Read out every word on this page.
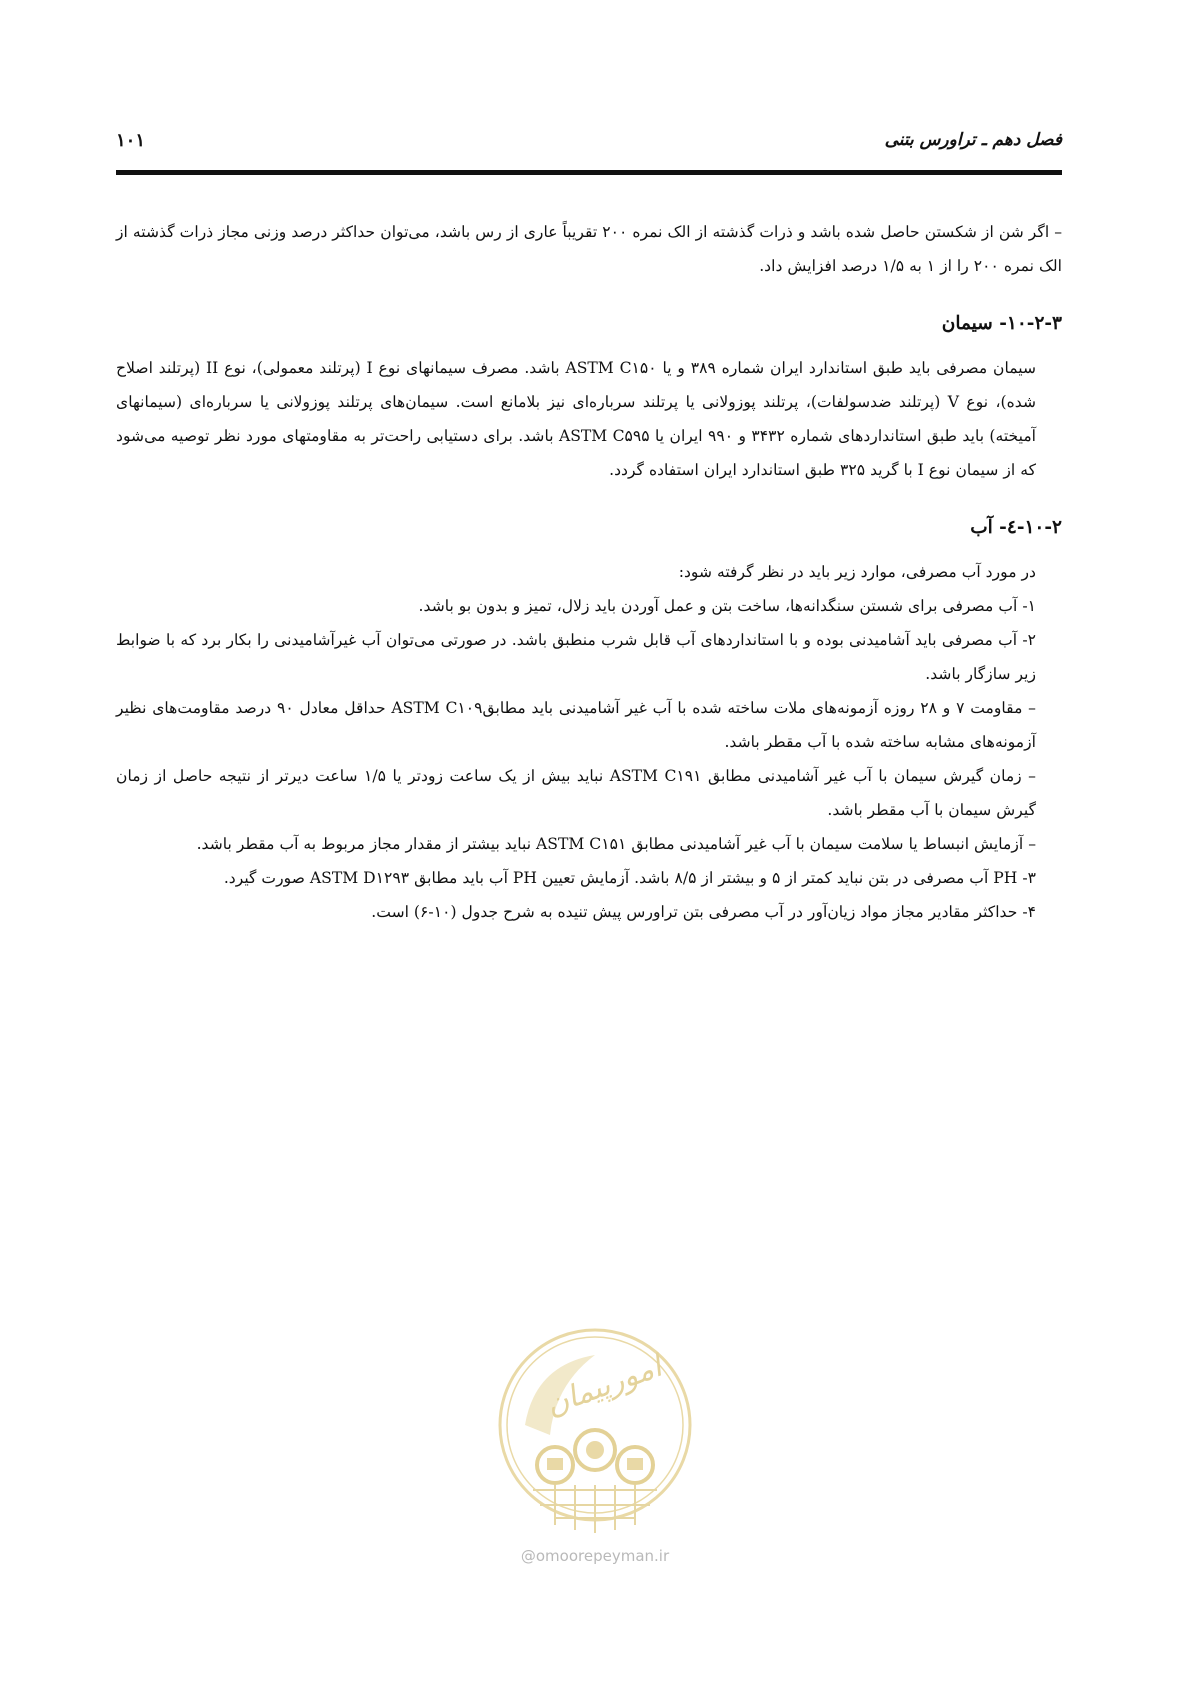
فصل دهم ـ تراورس بتنی
۱۰۱

– اگر شن از شکستن حاصل شده باشد و ذرات گذشته از الک نمره ۲۰۰ تقریباً عاری از رس باشد، می‌توان حداکثر درصد وزنی مجاز ذرات گذشته از الک نمره ۲۰۰ را از ۱ به ۱/۵ درصد افزایش داد.

۱۰-۲-۳- سیمان

سیمان مصرفی باید طبق استاندارد ایران شماره ۳۸۹ و یا ASTM C۱۵۰ باشد. مصرف سیمانهای نوع I (پرتلند معمولی)، نوع II (پرتلند اصلاح شده)، نوع V (پرتلند ضدسولفات)، پرتلند پوزولانی یا پرتلند سرباره‌ای نیز بلامانع است. سیمان‌های پرتلند پوزولانی یا سرباره‌ای (سیمانهای آمیخته) باید طبق استانداردهای شماره ۳۴۳۲ و ۹۹۰ ایران یا ASTM C۵۹۵ باشد. برای دستیابی راحت‌تر به مقاومتهای مورد نظر توصیه می‌شود که از سیمان نوع I با گرید ۳۲۵ طبق استاندارد ایران استفاده گردد.

۱۰-۲-٤- آب

در مورد آب مصرفی، موارد زیر باید در نظر گرفته شود:

۱- آب مصرفی برای شستن سنگدانه‌ها، ساخت بتن و عمل آوردن باید زلال، تمیز و بدون بو باشد.

۲- آب مصرفی باید آشامیدنی بوده و با استانداردهای آب قابل شرب منطبق باشد. در صورتی می‌توان آب غیرآشامیدنی را بکار برد که با ضوابط زیر سازگار باشد.

– مقاومت ۷ و ۲۸ روزه آزمونه‌های ملات ساخته شده با آب غیر آشامیدنی باید مطابقASTM C۱۰۹ حداقل معادل ۹۰ درصد مقاومت‌های نظیر آزمونه‌های مشابه ساخته شده با آب مقطر باشد.

– زمان گیرش سیمان با آب غیر آشامیدنی مطابق ASTM C۱۹۱ نباید بیش از یک ساعت زودتر یا ۱/۵ ساعت دیرتر از نتیجه حاصل از زمان گیرش سیمان با آب مقطر باشد.

– آزمایش انبساط یا سلامت سیمان با آب غیر آشامیدنی مطابق ASTM C۱۵۱ نباید بیشتر از مقدار مجاز مربوط به آب مقطر باشد.

۳- PH آب مصرفی در بتن نباید کمتر از ۵ و بیشتر از ۸/۵ باشد. آزمایش تعیین PH آب باید مطابق ASTM D۱۲۹۳ صورت گیرد.

۴- حداکثر مقادیر مجاز مواد زیان‌آور در آب مصرفی بتن تراورس پیش تنیده به شرح جدول (۱۰-۶) است.

امورپیمان
@omoorepeyman.ir
